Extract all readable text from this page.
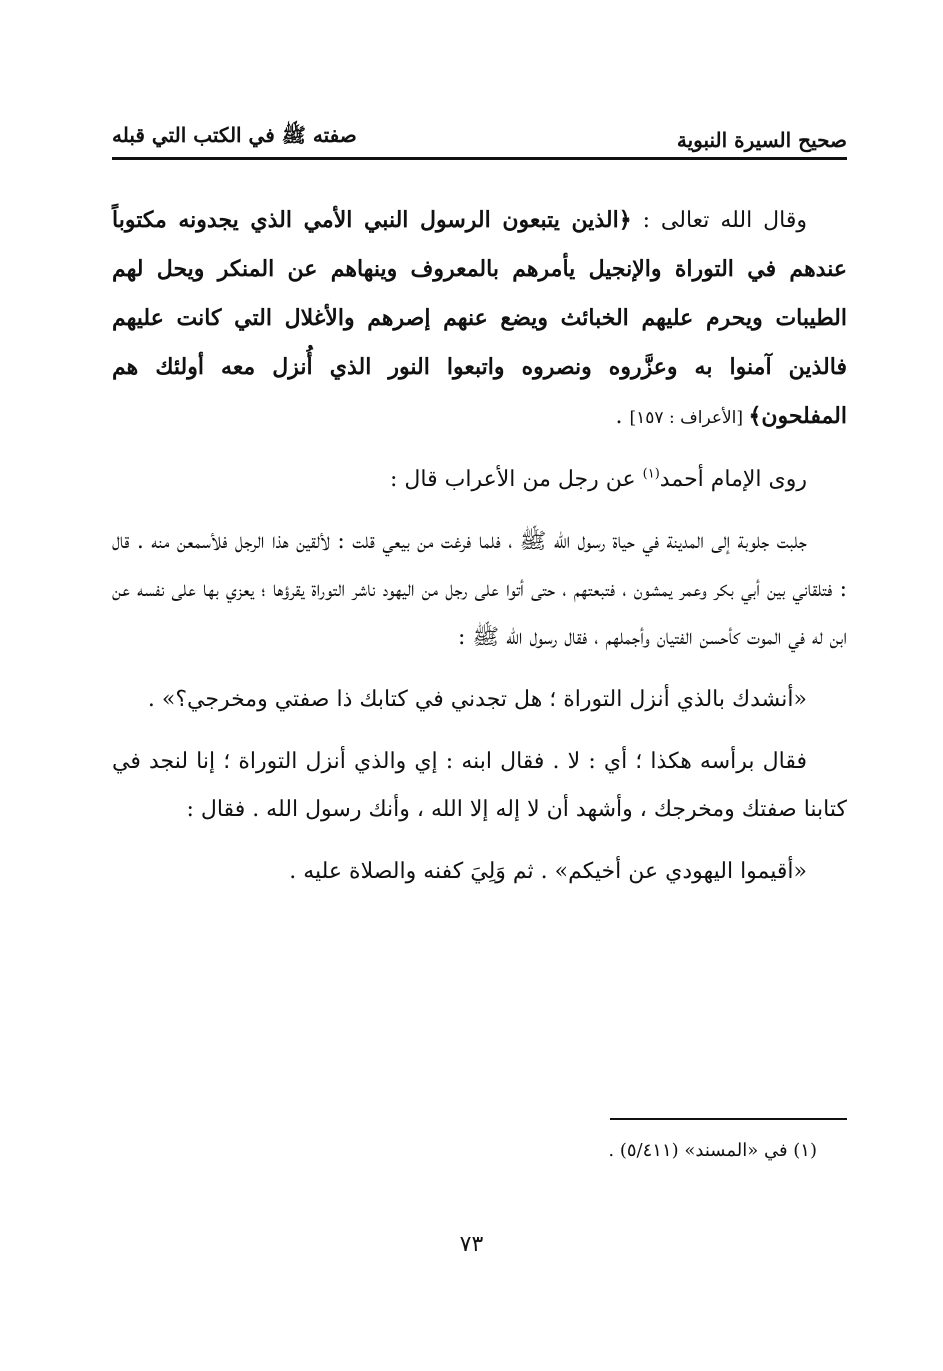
صحيح السيرة النبوية
صفته ﷺ في الكتب التي قبله

وقال الله تعالى : ﴿الذين يتبعون الرسول النبي الأمي الذي يجدونه مكتوباً عندهم في التوراة والإنجيل يأمرهم بالمعروف وينهاهم عن المنكر ويحل لهم الطيبات ويحرم عليهم الخبائث ويضع عنهم إصرهم والأغلال التي كانت عليهم فالذين آمنوا به وعزَّروه ونصروه واتبعوا النور الذي أُنزل معه أولئك هم المفلحون﴾ [الأعراف : ١٥٧] .

روى الإمام أحمد$^{(١)}$ عن رجل من الأعراب قال :

جلبت جلوبة إلى المدينة في حياة رسول الله ﷺ ، فلما فرغت من بيعي قلت : لألقين هذا الرجل فلأسمعن منه . قال : فتلقاني بين أبي بكر وعمر يمشون ، فتبعتهم ، حتى أتوا على رجل من اليهود ناشر التوراة يقرؤها ؛ يعزي بها على نفسه عن ابن له في الموت كأحسن الفتيان وأجملهم ، فقال رسول الله ﷺ :

«أنشدك بالذي أنزل التوراة ؛ هل تجدني في كتابك ذا صفتي ومخرجي؟» .

فقال برأسه هكذا ؛ أي : لا . فقال ابنه : إي والذي أنزل التوراة ؛ إنا لنجد في كتابنا صفتك ومخرجك ، وأشهد أن لا إله إلا الله ، وأنك رسول الله . فقال :

«أقيموا اليهودي عن أخيكم» . ثم وَلِيَ كفنه والصلاة عليه .

(١) في «المسند» (٥/٤١١) .
٧٣
